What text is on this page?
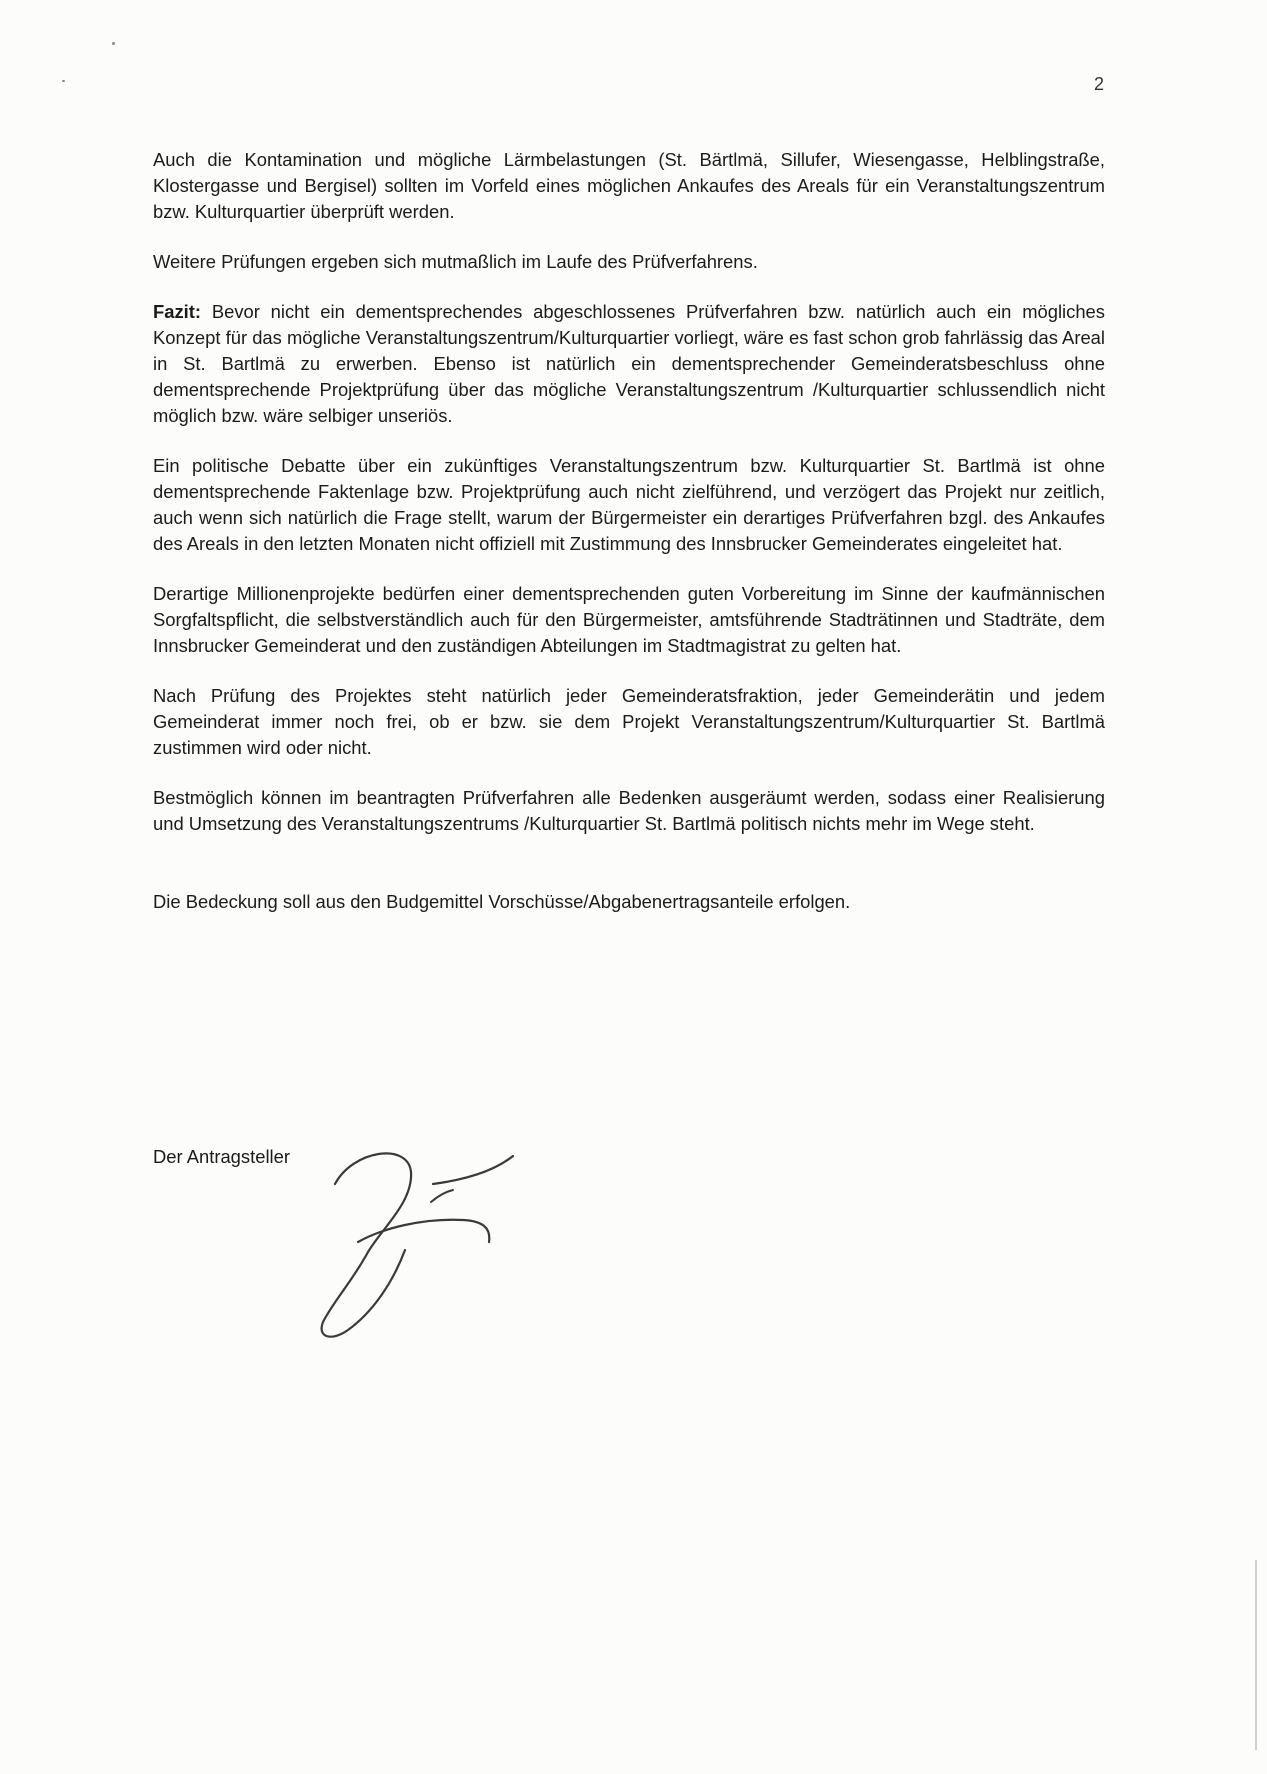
2

Auch die Kontamination und mögliche Lärmbelastungen (St. Bärtlmä, Sillufer, Wiesengasse, Helblingstraße, Klostergasse und Bergisel) sollten im Vorfeld eines möglichen Ankaufes des Areals für ein Veranstaltungszentrum bzw. Kulturquartier überprüft werden.

Weitere Prüfungen ergeben sich mutmaßlich im Laufe des Prüfverfahrens.

Fazit: Bevor nicht ein dementsprechendes abgeschlossenes Prüfverfahren bzw. natürlich auch ein mögliches Konzept für das mögliche Veranstaltungszentrum/Kulturquartier vorliegt, wäre es fast schon grob fahrlässig das Areal in St. Bartlmä zu erwerben. Ebenso ist natürlich ein dementsprechender Gemeinderatsbeschluss ohne dementsprechende Projektprüfung über das mögliche Veranstaltungszentrum /Kulturquartier schlussendlich nicht möglich bzw. wäre selbiger unseriös.

Ein politische Debatte über ein zukünftiges Veranstaltungszentrum bzw. Kulturquartier St. Bartlmä ist ohne dementsprechende Faktenlage bzw. Projektprüfung auch nicht zielführend, und verzögert das Projekt nur zeitlich, auch wenn sich natürlich die Frage stellt, warum der Bürgermeister ein derartiges Prüfverfahren bzgl. des Ankaufes des Areals in den letzten Monaten nicht offiziell mit Zustimmung des Innsbrucker Gemeinderates eingeleitet hat.

Derartige Millionenprojekte bedürfen einer dementsprechenden guten Vorbereitung im Sinne der kaufmännischen Sorgfaltspflicht, die selbstverständlich auch für den Bürgermeister, amtsführende Stadträtinnen und Stadträte, dem Innsbrucker Gemeinderat und den zuständigen Abteilungen im Stadtmagistrat zu gelten hat.

Nach Prüfung des Projektes steht natürlich jeder Gemeinderatsfraktion, jeder Gemeinderätin und jedem Gemeinderat immer noch frei, ob er bzw. sie dem Projekt Veranstaltungszentrum/Kulturquartier St. Bartlmä zustimmen wird oder nicht.

Bestmöglich können im beantragten Prüfverfahren alle Bedenken ausgeräumt werden, sodass einer Realisierung und Umsetzung des Veranstaltungszentrums /Kulturquartier St. Bartlmä politisch nichts mehr im Wege steht.

Die Bedeckung soll aus den Budgemittel Vorschüsse/Abgabenertragsanteile erfolgen.

Der Antragsteller
